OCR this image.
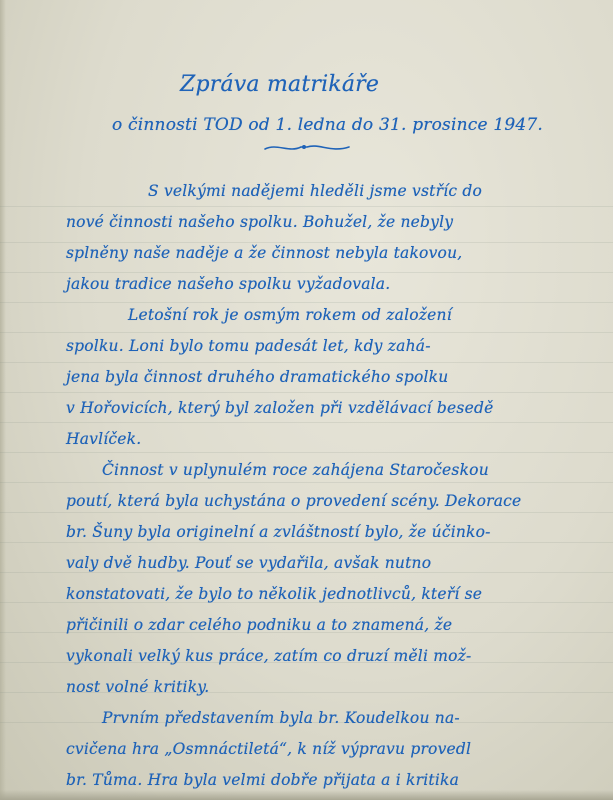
Zpráva matrikáře
o činnosti TOD od 1. ledna do 31. prosince 1947.
S velkými nadějemi hleděli jsme vstříc do
nové činnosti našeho spolku. Bohužel, že nebyly
splněny naše naděje a že činnost nebyla takovou,
jakou tradice našeho spolku vyžadovala.
Letošní rok je osmým rokem od založení
spolku. Loni bylo tomu padesát let, kdy zahá-
jena byla činnost druhého dramatického spolku
v Hořovicích, který byl založen při vzdělávací besedě
Havlíček.
Činnost v uplynulém roce zahájena Staročeskou
poutí, která byla uchystána o provedení scény. Dekorace
br. Šuny byla originelní a zvláštností bylo, že účinko-
valy dvě hudby. Pouť se vydařila, avšak nutno
konstatovati, že bylo to několik jednotlivců, kteří se
přičinili o zdar celého podniku a to znamená, že
vykonali velký kus práce, zatím co druzí měli mož-
nost volné kritiky.
Prvním představením byla br. Koudelkou na-
cvičena hra „Osmnáctiletá“, k níž výpravu provedl
br. Tůma. Hra byla velmi dobře přijata a i kritika
